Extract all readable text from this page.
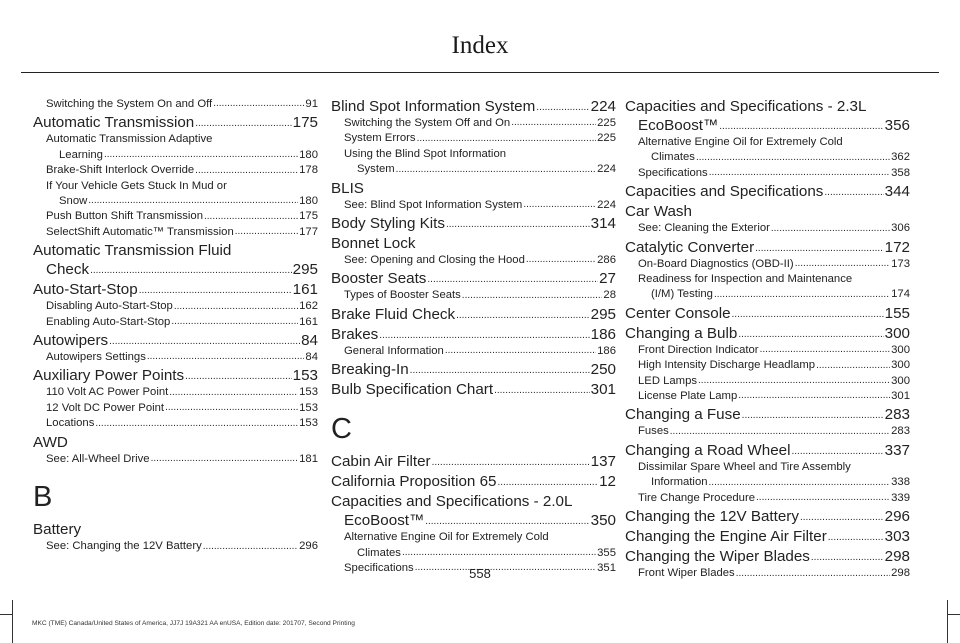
Index
Switching the System On and Off .....	91
Automatic Transmission .....	175
Automatic Transmission Adaptive
Learning .....	180
Brake-Shift Interlock Override .....	178
If Your Vehicle Gets Stuck In Mud or
Snow .....	180
Push Button Shift Transmission .....	175
SelectShift Automatic™ Transmission .....	177
Automatic Transmission Fluid
Check .....	295
Auto-Start-Stop .....	161
Disabling Auto-Start-Stop .....	162
Enabling Auto-Start-Stop .....	161
Autowipers .....	84
Autowipers Settings .....	84
Auxiliary Power Points .....	153
110 Volt AC Power Point .....	153
12 Volt DC Power Point .....	153
Locations .....	153
AWD
See: All-Wheel Drive .....	181
B
Battery
See: Changing the 12V Battery .....	296
Blind Spot Information System .....	224
Switching the System Off and On .....	225
System Errors .....	225
Using the Blind Spot Information
System .....	224
BLIS
See: Blind Spot Information System .....	224
Body Styling Kits .....	314
Bonnet Lock
See: Opening and Closing the Hood .....	286
Booster Seats .....	27
Types of Booster Seats .....	28
Brake Fluid Check .....	295
Brakes .....	186
General Information .....	186
Breaking-In .....	250
Bulb Specification Chart .....	301
C
Cabin Air Filter .....	137
California Proposition 65 .....	12
Capacities and Specifications - 2.0L
EcoBoost™ .....	350
Alternative Engine Oil for Extremely Cold
Climates .....	355
Specifications .....	351
Capacities and Specifications - 2.3L
EcoBoost™ .....	356
Alternative Engine Oil for Extremely Cold
Climates .....	362
Specifications .....	358
Capacities and Specifications .....	344
Car Wash
See: Cleaning the Exterior .....	306
Catalytic Converter .....	172
On-Board Diagnostics (OBD-II) .....	173
Readiness for Inspection and Maintenance
(I/M) Testing .....	174
Center Console .....	155
Changing a Bulb .....	300
Front Direction Indicator .....	300
High Intensity Discharge Headlamp .....	300
LED Lamps .....	300
License Plate Lamp .....	301
Changing a Fuse .....	283
Fuses .....	283
Changing a Road Wheel .....	337
Dissimilar Spare Wheel and Tire Assembly
Information .....	338
Tire Change Procedure .....	339
Changing the 12V Battery .....	296
Changing the Engine Air Filter .....	303
Changing the Wiper Blades .....	298
Front Wiper Blades .....	298
558
MKC (TME) Canada/United States of America, JJ7J 19A321 AA enUSA, Edition date: 201707, Second Printing
